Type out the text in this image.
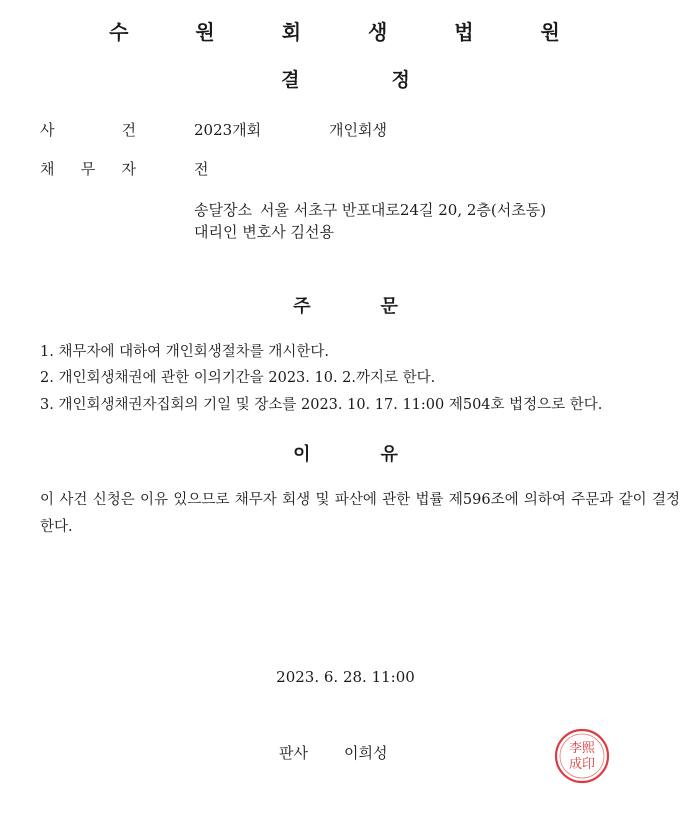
수 원 회 생 법 원
결	정
사	건	2023개회	개인회생
채 무 자	전
송달장소 서울 서초구 반포대로24길 20, 2층(서초동)
대리인 변호사 김선용
주	문
1. 채무자에 대하여 개인회생절차를 개시한다.
2. 개인회생채권에 관한 이의기간을 2023. 10. 2.까지로 한다.
3. 개인회생채권자집회의 기일 및 장소를 2023. 10. 17. 11:00 제504호 법정으로 한다.
이	유
이 사건 신청은 이유 있으므로 채무자 회생 및 파산에 관한 법률 제596조에 의하여 주문과 같이 결정한다.
2023. 6. 28. 11:00
판사 이희성	李熙
成印
